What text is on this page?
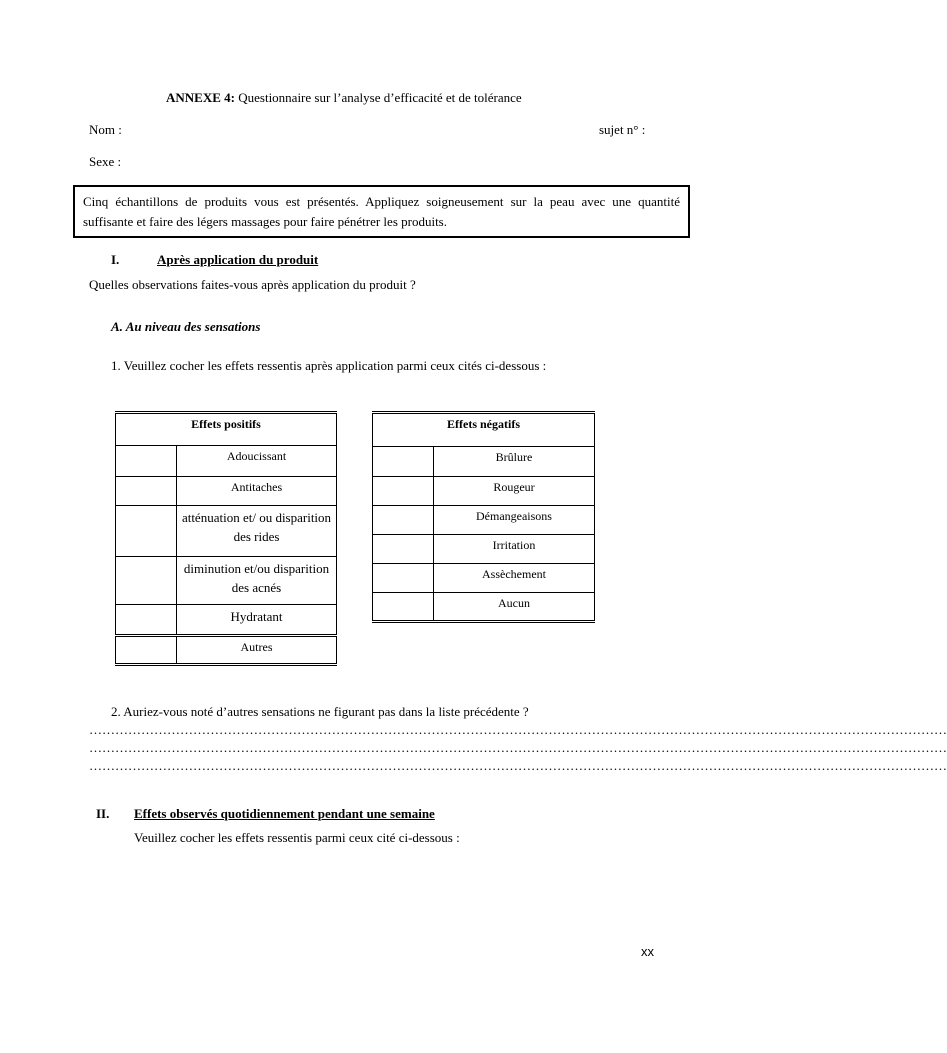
ANNEXE 4: Questionnaire sur l’analyse d’efficacité et de tolérance
Nom :	sujet n° :
Sexe :
Cinq échantillons de produits vous est présentés. Appliquez soigneusement sur la peau avec une quantité suffisante et faire des légers massages pour faire pénétrer les produits.
I.	Après application du produit
Quelles observations faites-vous après application du produit ?
A. Au niveau des sensations
1. Veuillez cocher les effets ressentis après application parmi ceux cités ci-dessous :
Effets positifs	
	Adoucissant
	Antitaches
	atténuation et/ ou disparition des rides
	diminution et/ou disparition des acnés
	Hydratant
	Autres
Effets négatifs	
	Brûlure
	Rougeur
	Démangeaisons
	Irritation
	Assèchement
	Aucun
2. Auriez-vous noté d’autres sensations ne figurant pas dans la liste précédente ?
………………………………………………………………………………………………………………………………………………………………………………
………………………………………………………………………………………………………………………………………………………………………………
………………………………………………………………………………………………………………………………………………………………………………
II. Effets observés quotidiennement pendant une semaine
Veuillez cocher les effets ressentis parmi ceux cité ci-dessous :
xx
